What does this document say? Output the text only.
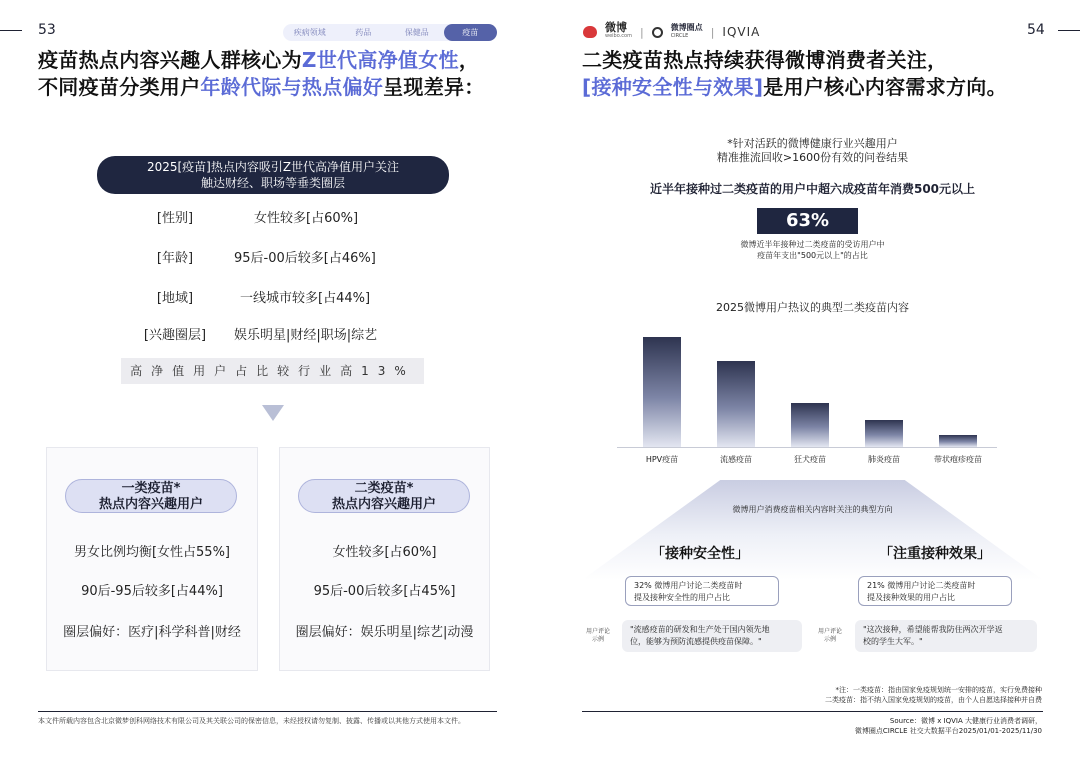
53	疾病领域	药品	保健品	疫苗
疫苗热点内容兴趣人群核心为Z世代高净值女性，
不同疫苗分类用户年龄代际与热点偏好呈现差异：
2025[疫苗]热点内容吸引Z世代高净值用户关注
触达财经、职场等垂类圈层
[性别]	女性较多[占60%]
[年龄]	95后-00后较多[占46%]
[地域]	一线城市较多[占44%]
[兴趣圈层]	娱乐明星|财经|职场|综艺
高净值用户占比较行业高13%
一类疫苗*
热点内容兴趣用户
男女比例均衡[女性占55%]
90后-95后较多[占44%]
圈层偏好：医疗|科学科普|财经
二类疫苗*
热点内容兴趣用户
女性较多[占60%]
95后-00后较多[占45%]
圈层偏好：娱乐明星|综艺|动漫
本文件所载内容包含北京微梦创科网络技术有限公司及其关联公司的保密信息，未经授权请勿复制、披露、传播或以其他方式使用本文件。
微博
weibo.com |	微博圈点
CIRCLE	| IQVIA	54
二类疫苗热点持续获得微博消费者关注，
[接种安全性与效果]是用户核心内容需求方向。
*针对活跃的微博健康行业兴趣用户
精准推流回收>1600份有效的问卷结果
近半年接种过二类疫苗的用户中超六成疫苗年消费500元以上
63%
微博近半年接种过二类疫苗的受访用户中
疫苗年支出"500元以上"的占比
2025微博用户热议的典型二类疫苗内容
HPV疫苗	流感疫苗	狂犬疫苗	肺炎疫苗	带状疱疹疫苗
微博用户消费疫苗相关内容时关注的典型方向
「接种安全性」	「注重接种效果」
32% 微博用户讨论二类疫苗时
提及接种安全性的用户占比
21% 微博用户讨论二类疫苗时
提及接种效果的用户占比
用户评论
示例
"流感疫苗的研发和生产处于国内领先地
位，能够为预防流感提供疫苗保障。"
用户评论
示例
"这次接种，希望能帮我防住两次开学返
校的学生大军。"
*注：一类疫苗：指由国家免疫规划统一安排的疫苗，实行免费接种
二类疫苗：指不纳入国家免疫规划的疫苗，由个人自愿选择接种并自费
Source：微博 x IQVIA 大健康行业消费者调研，
微博圈点CIRCLE 社交大数据平台2025/01/01-2025/11/30
